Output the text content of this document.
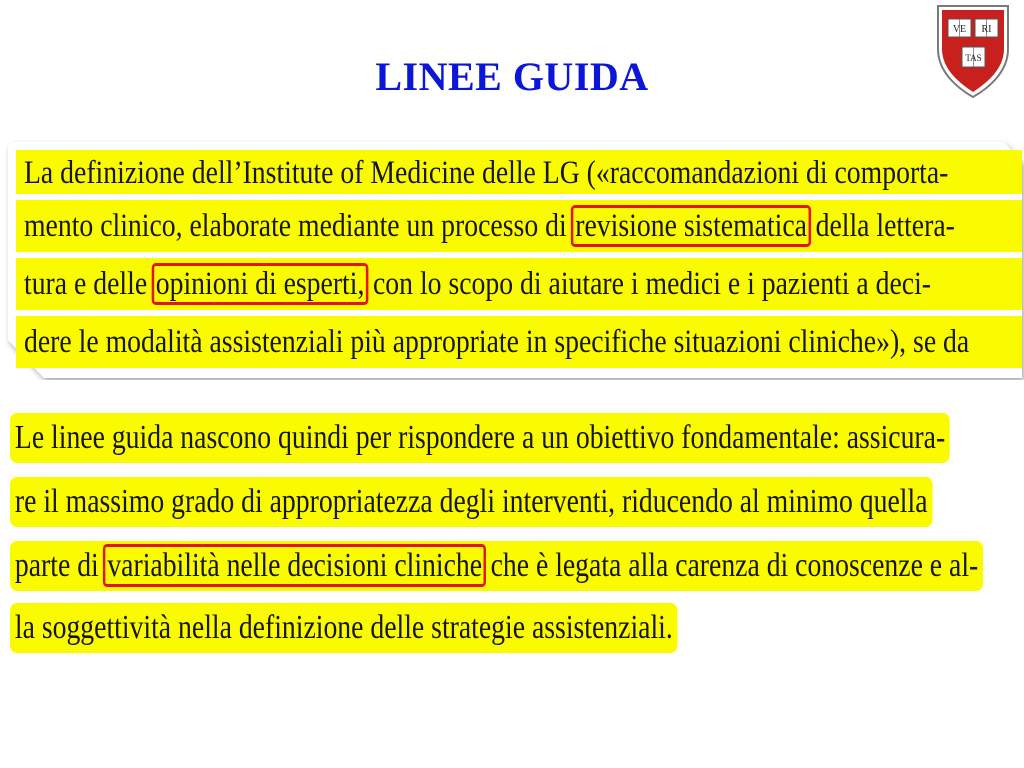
LINEE GUIDA
VE RI
TAS
La definizione dell’Institute of Medicine delle LG («raccomandazioni di comporta-
mento clinico, elaborate mediante un processo di revisione sistematica della lettera-
tura e delle opinioni di esperti, con lo scopo di aiutare i medici e i pazienti a deci-
dere le modalità assistenziali più appropriate in specifiche situazioni cliniche»), se da
Le linee guida nascono quindi per rispondere a un obiettivo fondamentale: assicura-
re il massimo grado di appropriatezza degli interventi, riducendo al minimo quella
parte di variabilità nelle decisioni cliniche che è legata alla carenza di conoscenze e al-
la soggettività nella definizione delle strategie assistenziali.
